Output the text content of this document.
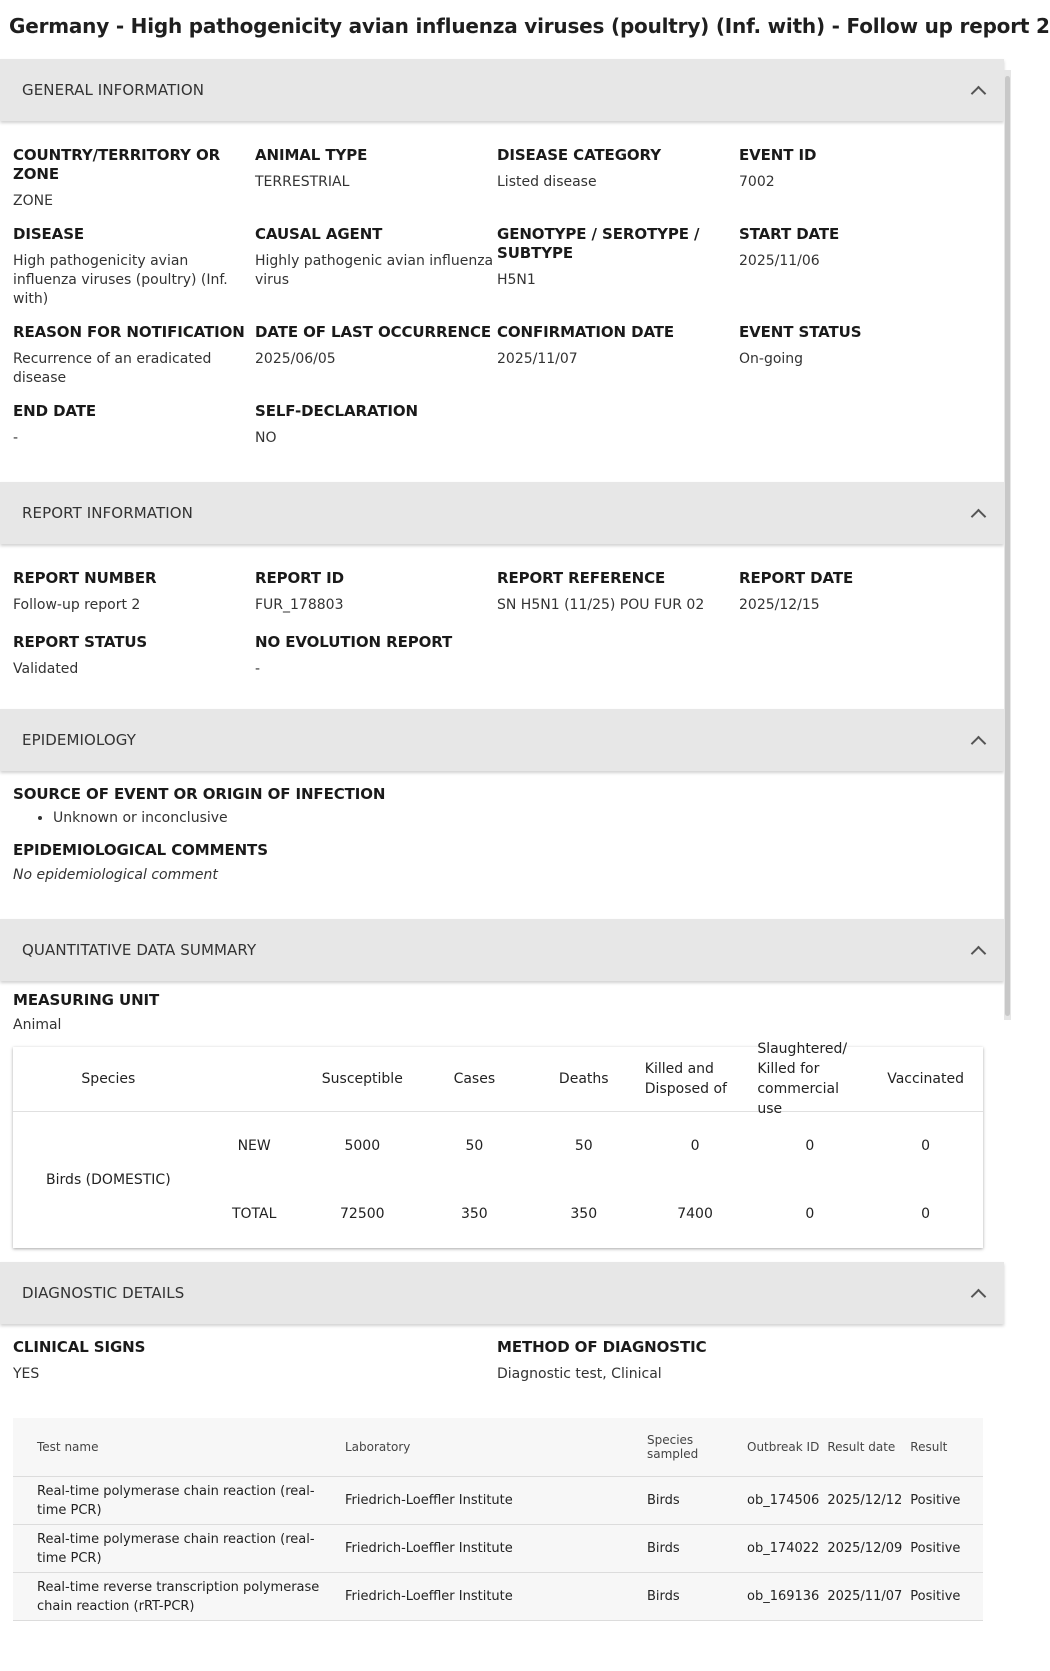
Germany - High pathogenicity avian influenza viruses (poultry) (Inf. with) - Follow up report 2
GENERAL INFORMATION
COUNTRY/TERRITORY OR ZONE
ZONE
ANIMAL TYPE
TERRESTRIAL
DISEASE CATEGORY
Listed disease
EVENT ID
7002
DISEASE
High pathogenicity avian influenza viruses (poultry) (Inf. with)
CAUSAL AGENT
Highly pathogenic avian influenza virus
GENOTYPE / SEROTYPE / SUBTYPE
H5N1
START DATE
2025/11/06
REASON FOR NOTIFICATION
Recurrence of an eradicated disease
DATE OF LAST OCCURRENCE
2025/06/05
CONFIRMATION DATE
2025/11/07
EVENT STATUS
On-going
END DATE
-
SELF-DECLARATION
NO
REPORT INFORMATION
REPORT NUMBER
Follow-up report 2
REPORT ID
FUR_178803
REPORT REFERENCE
SN H5N1 (11/25) POU FUR 02
REPORT DATE
2025/12/15
REPORT STATUS
Validated
NO EVOLUTION REPORT
-
EPIDEMIOLOGY
SOURCE OF EVENT OR ORIGIN OF INFECTION
• Unknown or inconclusive
EPIDEMIOLOGICAL COMMENTS
No epidemiological comment
QUANTITATIVE DATA SUMMARY
MEASURING UNIT
Animal
Species		Susceptible	Cases	Deaths	Killed and Disposed of	Slaughtered/ Killed for commercial use	Vaccinated
Birds (DOMESTIC)	NEW	5000	50	50	0	0	0
	TOTAL	72500	350	350	7400	0	0
DIAGNOSTIC DETAILS
CLINICAL SIGNS
YES
METHOD OF DIAGNOSTIC
Diagnostic test, Clinical
Test name	Laboratory	Species sampled	Outbreak ID	Result date	Result
Real-time polymerase chain reaction (real-time PCR)	Friedrich-Loeffler Institute	Birds	ob_174506	2025/12/12	Positive
Real-time polymerase chain reaction (real-time PCR)	Friedrich-Loeffler Institute	Birds	ob_174022	2025/12/09	Positive
Real-time reverse transcription polymerase chain reaction (rRT-PCR)	Friedrich-Loeffler Institute	Birds	ob_169136	2025/11/07	Positive
